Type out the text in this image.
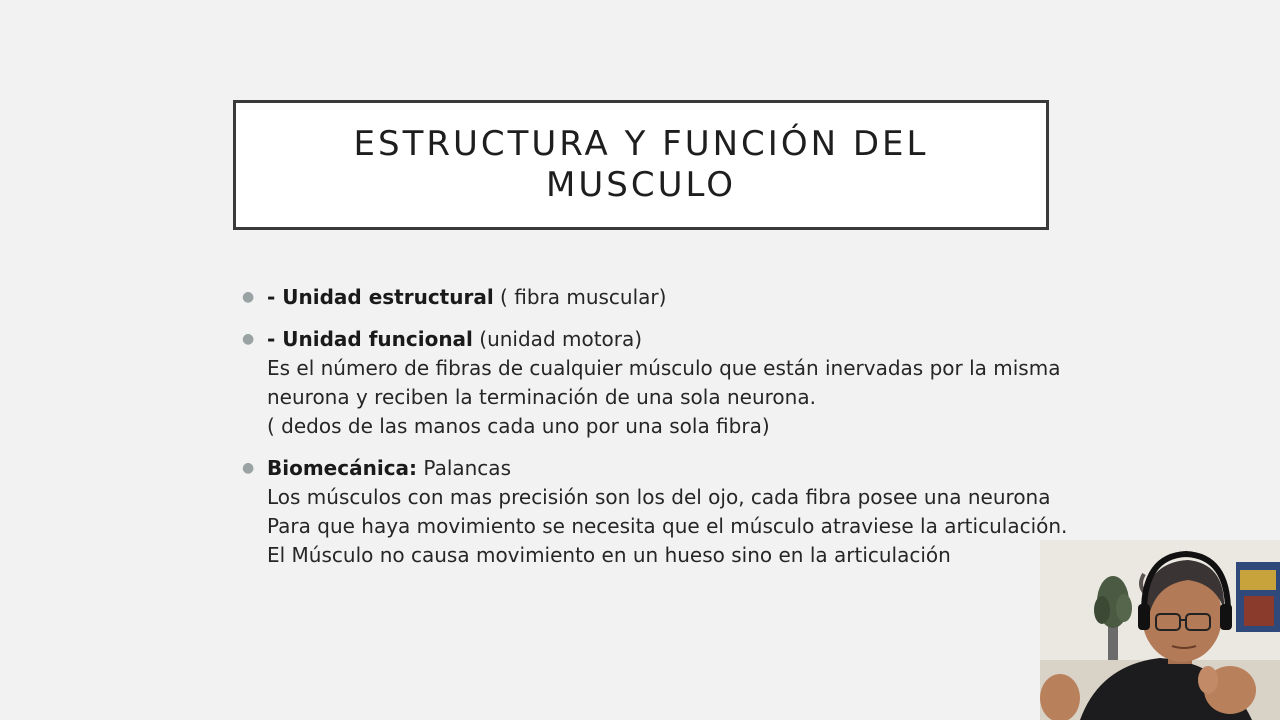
ESTRUCTURA Y FUNCIÓN DEL
MUSCULO
● - Unidad estructural ( fibra muscular)
● - Unidad funcional (unidad motora)
Es el número de fibras de cualquier músculo que están inervadas por la misma
neurona y reciben la terminación de una sola neurona.
( dedos de las manos cada uno por una sola fibra)
● Biomecánica: Palancas
Los músculos con mas precisión son los del ojo, cada fibra posee una neurona
Para que haya movimiento se necesita que el músculo atraviese la articulación.
El Músculo no causa movimiento en un hueso sino en la articulación
